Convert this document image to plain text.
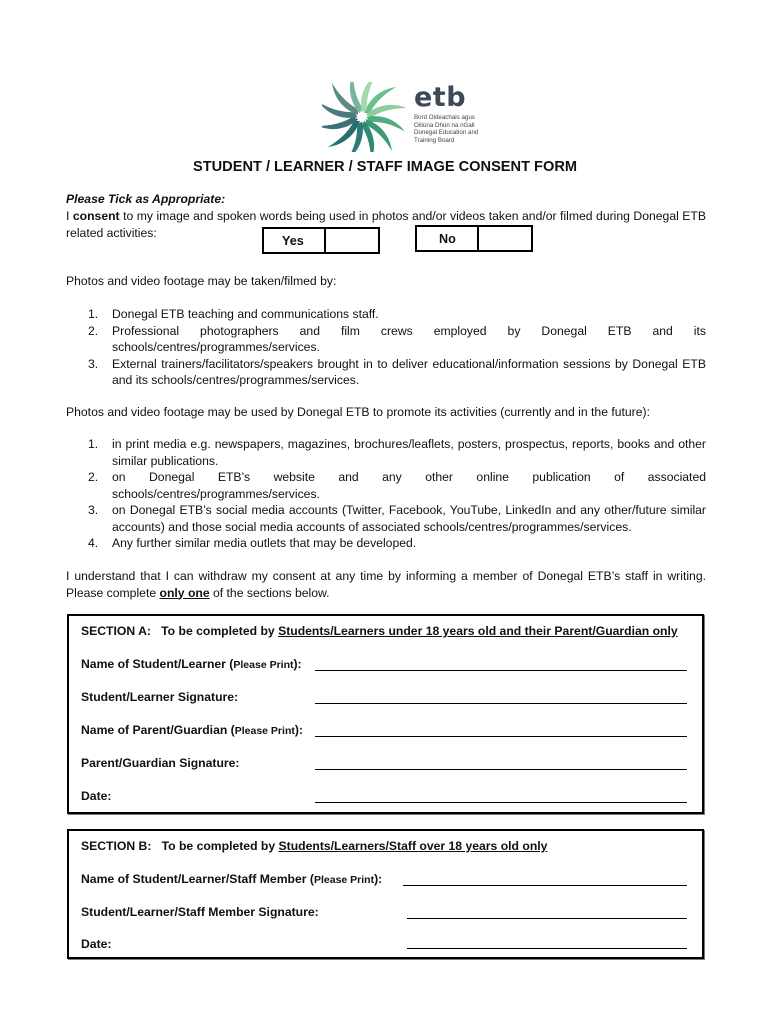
etb
Bord Oideachais agus
Oiliúna Dhún na nGall
Donegal Education and
Training Board
STUDENT / LEARNER / STAFF IMAGE CONSENT FORM
Please Tick as Appropriate:
I consent to my image and spoken words being used in photos and/or videos taken and/or filmed during Donegal ETB related activities:
Yes	No
Photos and video footage may be taken/filmed by:
1. Donegal ETB teaching and communications staff.
2. Professional photographers and film crews employed by Donegal ETB and its schools/centres/programmes/services.
3. External trainers/facilitators/speakers brought in to deliver educational/information sessions by Donegal ETB and its schools/centres/programmes/services.
Photos and video footage may be used by Donegal ETB to promote its activities (currently and in the future):
1. in print media e.g. newspapers, magazines, brochures/leaflets, posters, prospectus, reports, books and other similar publications.
2. on Donegal ETB’s website and any other online publication of associated schools/centres/programmes/services.
3. on Donegal ETB’s social media accounts (Twitter, Facebook, YouTube, LinkedIn and any other/future similar accounts) and those social media accounts of associated schools/centres/programmes/services.
4. Any further similar media outlets that may be developed.
I understand that I can withdraw my consent at any time by informing a member of Donegal ETB’s staff in writing. Please complete only one of the sections below.
SECTION A: To be completed by Students/Learners under 18 years old and their Parent/Guardian only
Name of Student/Learner (Please Print):
Student/Learner Signature:
Name of Parent/Guardian (Please Print):
Parent/Guardian Signature:
Date:
SECTION B: To be completed by Students/Learners/Staff over 18 years old only
Name of Student/Learner/Staff Member (Please Print):
Student/Learner/Staff Member Signature:
Date:
